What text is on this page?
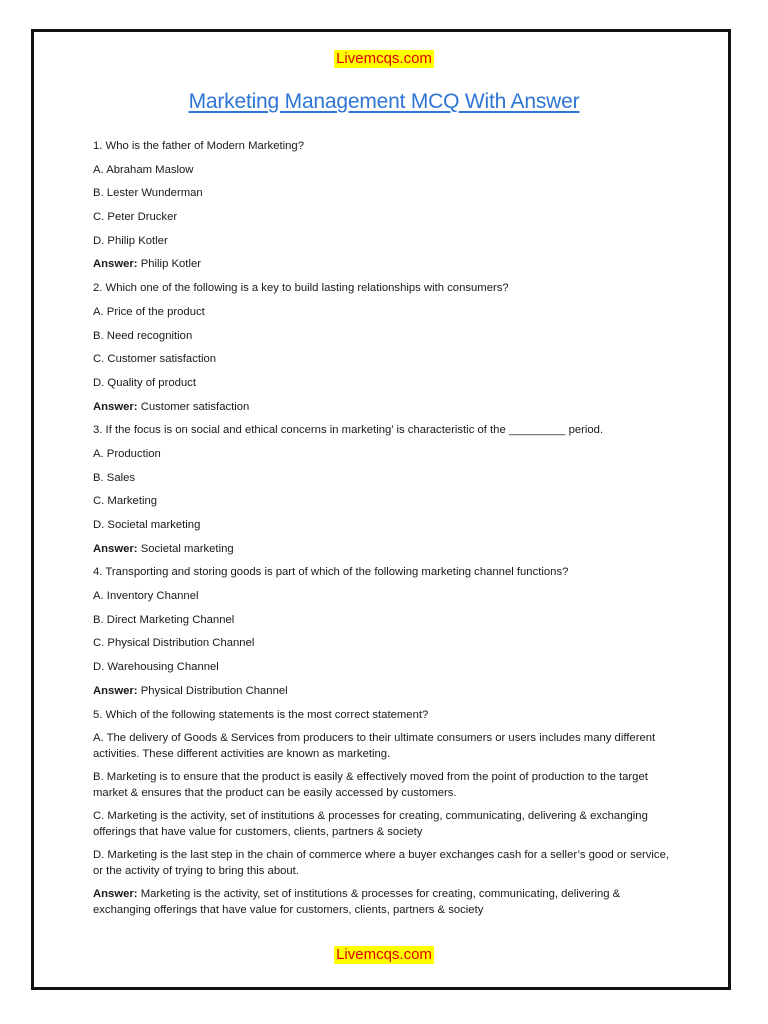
Livemcqs.com
Marketing Management MCQ With Answer
1. Who is the father of Modern Marketing?
A. Abraham Maslow
B. Lester Wunderman
C. Peter Drucker
D. Philip Kotler
Answer: Philip Kotler
2. Which one of the following is a key to build lasting relationships with consumers?
A. Price of the product
B. Need recognition
C. Customer satisfaction
D. Quality of product
Answer: Customer satisfaction
3. If the focus is on social and ethical concerns in marketing’ is characteristic of the _________ period.
A. Production
B. Sales
C. Marketing
D. Societal marketing
Answer: Societal marketing
4. Transporting and storing goods is part of which of the following marketing channel functions?
A. Inventory Channel
B. Direct Marketing Channel
C. Physical Distribution Channel
D. Warehousing Channel
Answer: Physical Distribution Channel
5. Which of the following statements is the most correct statement?
A. The delivery of Goods & Services from producers to their ultimate consumers or users includes many different activities. These different activities are known as marketing.
B. Marketing is to ensure that the product is easily & effectively moved from the point of production to the target market & ensures that the product can be easily accessed by customers.
C. Marketing is the activity, set of institutions & processes for creating, communicating, delivering & exchanging offerings that have value for customers, clients, partners & society
D. Marketing is the last step in the chain of commerce where a buyer exchanges cash for a seller’s good or service, or the activity of trying to bring this about.
Answer: Marketing is the activity, set of institutions & processes for creating, communicating, delivering & exchanging offerings that have value for customers, clients, partners & society
Livemcqs.com
